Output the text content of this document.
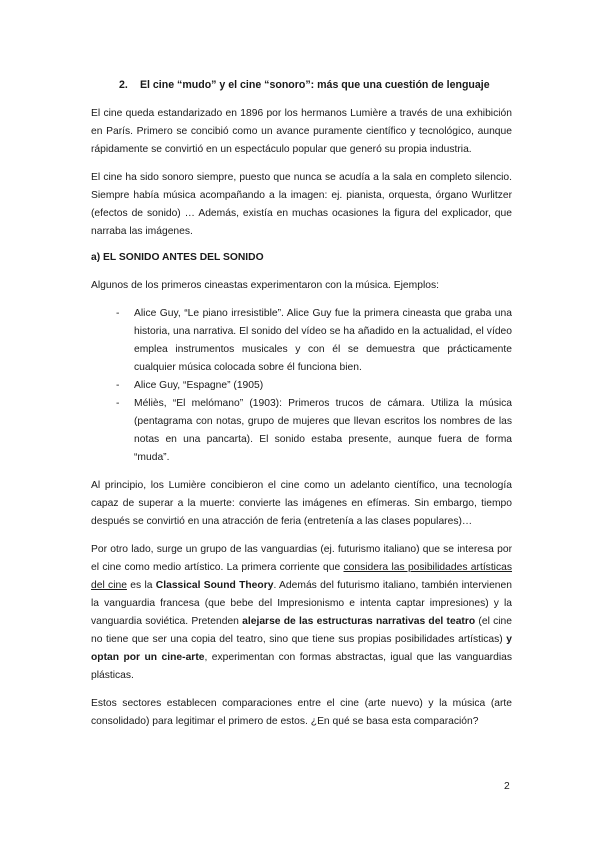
2. El cine “mudo” y el cine “sonoro”: más que una cuestión de lenguaje

El cine queda estandarizado en 1896 por los hermanos Lumière a través de una exhibición en París. Primero se concibió como un avance puramente científico y tecnológico, aunque rápidamente se convirtió en un espectáculo popular que generó su propia industria.

El cine ha sido sonoro siempre, puesto que nunca se acudía a la sala en completo silencio. Siempre había música acompañando a la imagen: ej. pianista, orquesta, órgano Wurlitzer (efectos de sonido) … Además, existía en muchas ocasiones la figura del explicador, que narraba las imágenes.

a) EL SONIDO ANTES DEL SONIDO

Algunos de los primeros cineastas experimentaron con la música. Ejemplos:

- Alice Guy, “Le piano irresistible”. Alice Guy fue la primera cineasta que graba una historia, una narrativa. El sonido del vídeo se ha añadido en la actualidad, el vídeo emplea instrumentos musicales y con él se demuestra que prácticamente cualquier música colocada sobre él funciona bien.
- Alice Guy, “Espagne” (1905)
- Méliès, “El melómano” (1903): Primeros trucos de cámara. Utiliza la música (pentagrama con notas, grupo de mujeres que llevan escritos los nombres de las notas en una pancarta). El sonido estaba presente, aunque fuera de forma “muda”.

Al principio, los Lumière concibieron el cine como un adelanto científico, una tecnología capaz de superar a la muerte: convierte las imágenes en efímeras. Sin embargo, tiempo después se convirtió en una atracción de feria (entretenía a las clases populares)…

Por otro lado, surge un grupo de las vanguardias (ej. futurismo italiano) que se interesa por el cine como medio artístico. La primera corriente que considera las posibilidades artísticas del cine es la Classical Sound Theory. Además del futurismo italiano, también intervienen la vanguardia francesa (que bebe del Impresionismo e intenta captar impresiones) y la vanguardia soviética. Pretenden alejarse de las estructuras narrativas del teatro (el cine no tiene que ser una copia del teatro, sino que tiene sus propias posibilidades artísticas) y optan por un cine-arte, experimentan con formas abstractas, igual que las vanguardias plásticas.

Estos sectores establecen comparaciones entre el cine (arte nuevo) y la música (arte consolidado) para legitimar el primero de estos. ¿En qué se basa esta comparación?

2
